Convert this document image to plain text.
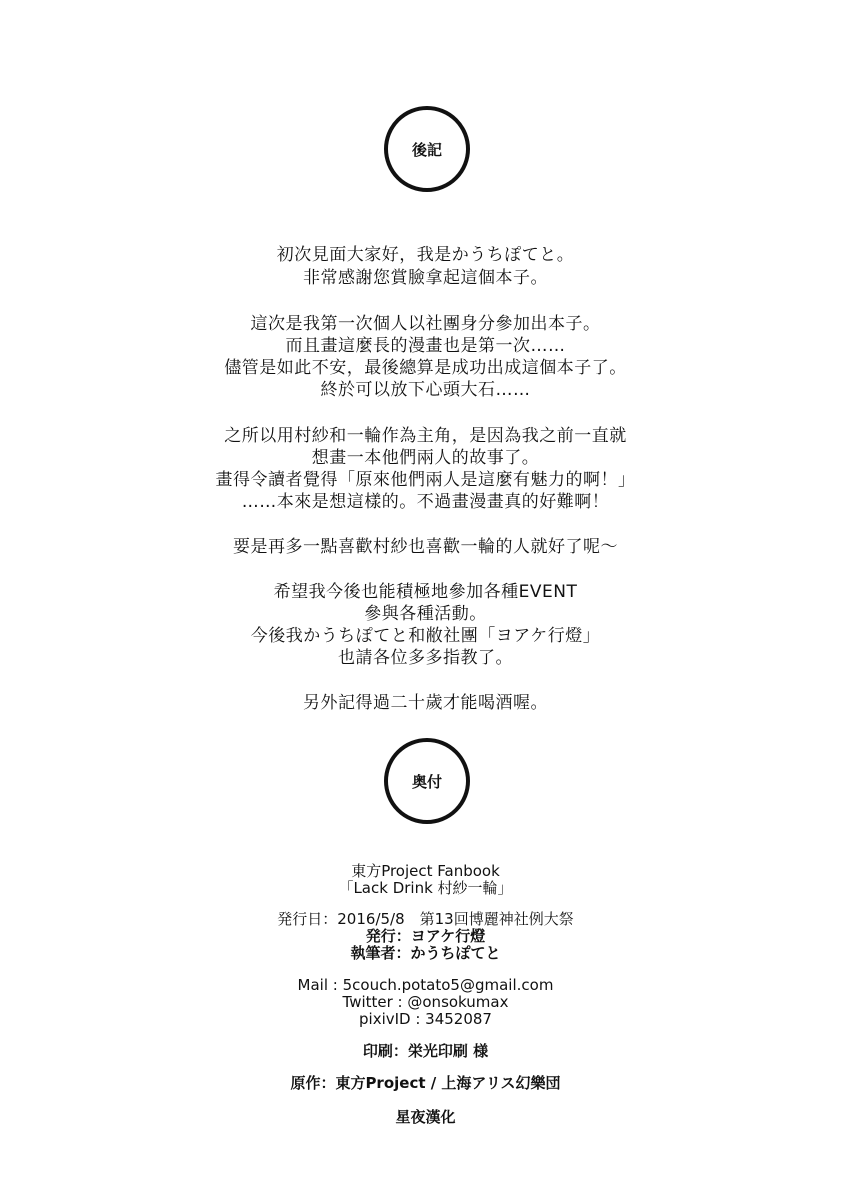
後記
初次見面大家好，我是かうちぽてと。
非常感謝您賞臉拿起這個本子。
這次是我第一次個人以社團身分參加出本子。
而且畫這麼長的漫畫也是第一次……
儘管是如此不安，最後總算是成功出成這個本子了。
終於可以放下心頭大石……
之所以用村紗和一輪作為主角，是因為我之前一直就
想畫一本他們兩人的故事了。
畫得令讀者覺得「原來他們兩人是這麼有魅力的啊！」
……本來是想這樣的。不過畫漫畫真的好難啊！
要是再多一點喜歡村紗也喜歡一輪的人就好了呢～
希望我今後也能積極地參加各種EVENT
參與各種活動。
今後我かうちぽてと和敝社團「ヨアケ行燈」
也請各位多多指教了。
另外記得過二十歲才能喝酒喔。
奥付
東方Project Fanbook
「Lack Drink 村紗一輪」
発行日：2016/5/8　第13回博麗神社例大祭
発行：ヨアケ行燈
執筆者：かうちぽてと
Mail : 5couch.potato5@gmail.com
Twitter : @onsokumax
pixivID : 3452087
印刷：栄光印刷 様
原作：東方Project / 上海アリス幻樂団
星夜漢化
